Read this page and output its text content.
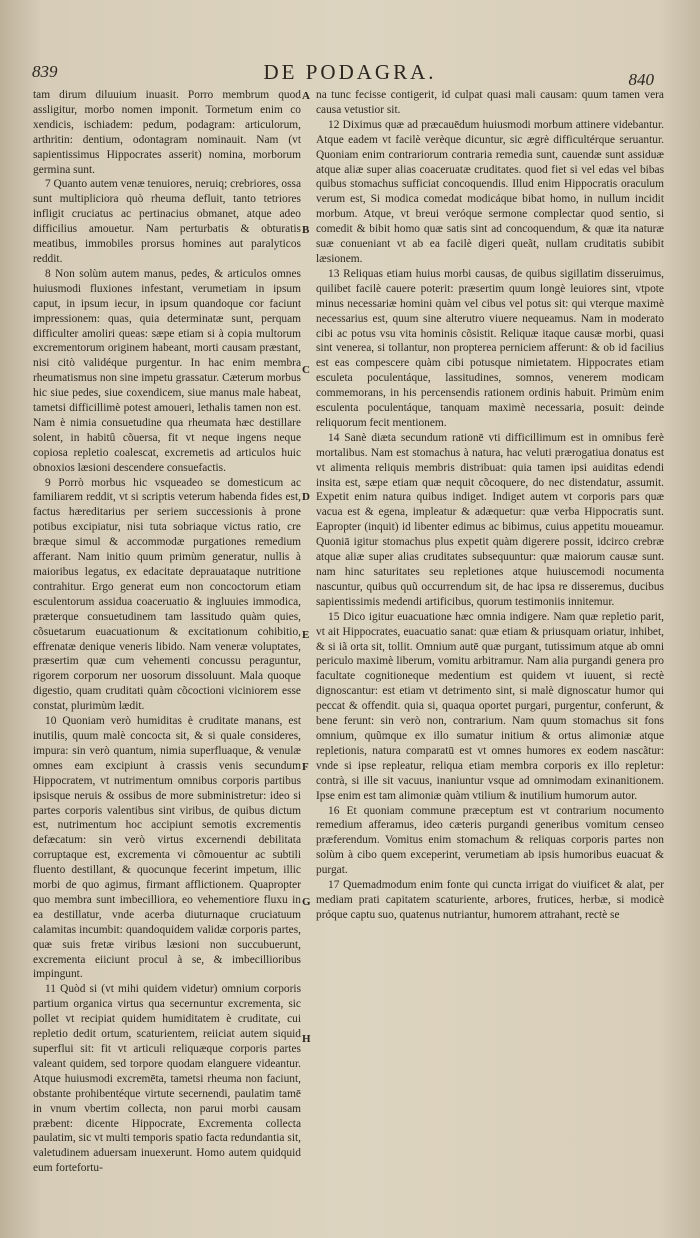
839	DE PODAGRA.	840

tam dirum diluuium inuasit. Porro membrum quod assligitur, morbo nomen imponit. Tormetum enim co xendicis, ischiadem: pedum, podagram: articulorum, arthritin: dentium, odontagram nominauit. Nam (vt sapientissimus Hippocrates asserit) nomina, morborum germina sunt.

7 Quanto autem venæ tenuiores, neruiq; crebriores, ossa sunt multipliciora quò rheuma defluit, tanto tetriores infligit cruciatus ac pertinacius obmanet, atque adeo difficilius amouetur. Nam perturbatis & obturatis meatibus, immobiles prorsus homines aut paralyticos reddit.

8 Non solùm autem manus, pedes, & articulos omnes huiusmodi fluxiones infestant, verumetiam in ipsum caput, in ipsum iecur, in ipsum quandoque cor faciunt impressionem: quas, quia determinatæ sunt, perquam difficulter amoliri queas: sæpe etiam si à copia multorum excrementorum originem habeant, morti causam præstant, nisi citò validéque purgentur. In hac enim membra rheumatismus non sine impetu grassatur. Cæterum morbus hic siue pedes, siue coxendicem, siue manus male habeat, tametsi difficillimè potest amoueri, lethalis tamen non est. Nam è nimia consuetudine qua rheumata hæc destillare solent, in habitû cõuersa, fit vt neque ingens neque copiosa repletio coalescat, excremetis ad articulos huic obnoxios læsioni descendere consuefactis.

9 Porrò morbus hic vsqueadeo se domesticum ac familiarem reddit, vt si scriptis veterum habenda fides est, factus hæreditarius per seriem successionis à prone potibus excipiatur, nisi tuta sobriaque victus ratio, cre bræque simul & accommodæ purgationes remedium afferant. Nam initio quum primùm generatur, nullis à maioribus legatus, ex edacitate deprauataque nutritione contrahitur. Ergo generat eum non concoctorum etiam esculentorum assidua coaceruatio & ingluuies immodica, præterque consuetudinem tam lassitudo quàm quies, cõsuetarum euacuationum & excitationum cohibitio, effrenatæ denique veneris libido. Nam veneræ voluptates, præsertim quæ cum vehementi concussu peraguntur, rigorem corporum ner uosorum dissoluunt. Mala quoque digestio, quam cruditati quàm cõcoctioni viciniorem esse constat, plurimùm lædit.

10 Quoniam verò humiditas è cruditate manans, est inutilis, quum malè concocta sit, & si quale consideres, impura: sin verò quantum, nimia superfluaque, & venulæ omnes eam excipiunt à crassis venis secundum Hippocratem, vt nutrimentum omnibus corporis partibus ipsisque neruis & ossibus de more subministretur: ideo si partes corporis valentibus sint viribus, de quibus dictum est, nutrimentum hoc accipiunt semotis excrementis defæcatum: sin verò virtus excernendi debilitata corruptaque est, excrementa vi cõmouentur ac subtili fluento destillant, & quocunque fecerint impetum, illic morbi de quo agimus, firmant afflictionem. Quapropter quo membra sunt imbecilliora, eo vehementiore fluxu in ea destillatur, vnde acerba diuturnaque cruciatuum calamitas incumbit: quandoquidem validæ corporis partes, quæ suis fretæ viribus læsioni non succubuerunt, excrementa eiiciunt procul à se, & imbecillioribus impingunt.

11 Quòd si (vt mihi quidem videtur) omnium corporis partium organica virtus qua secernuntur excrementa, sic pollet vt recipiat quidem humiditatem è cruditate, cui repletio dedit ortum, scaturientem, reiiciat autem siquid superflui sit: fit vt articuli reliquæque corporis partes valeant quidem, sed torpore quodam elanguere videantur. Atque huiusmodi excremēta, tametsi rheuma non faciunt, obstante prohibentéque virtute secernendi, paulatim tamē in vnum vbertim collecta, non parui morbi causam præbent: dicente Hippocrate, Excrementa collecta paulatim, sic vt multi temporis spatio facta redundantia sit, valetudinem aduersam inuexerunt. Homo autem quidquid eum fortefortu-

A
B
C
D
E
F
G
H

na tunc fecisse contigerit, id culpat quasi mali causam: quum tamen vera causa vetustior sit.

12 Diximus quæ ad præcauēdum huiusmodi morbum attinere videbantur. Atque eadem vt facilè verèque dicuntur, sic ægrè difficultérque seruantur. Quoniam enim contrariorum contraria remedia sunt, cauendæ sunt assiduæ atque aliæ super alias coaceruatæ cruditates. quod fiet si vel edas vel bibas quibus stomachus sufficiat concoquendis. Illud enim Hippocratis oraculum verum est, Si modica comedat modicáque bibat homo, in nullum incidit morbum. Atque, vt breui veróque sermone complectar quod sentio, si comedit & bibit homo quæ satis sint ad concoquendum, & quæ ita naturæ suæ conueniant vt ab ea facilè digeri queãt, nullam cruditatis subibit læsionem.

13 Reliquas etiam huius morbi causas, de quibus sigillatim disseruimus, quilibet facilè cauere poterit: præsertim quum longè leuiores sint, vtpote minus necessariæ homini quàm vel cibus vel potus sit: qui vterque maximè necessarius est, quum sine alterutro viuere nequeamus. Nam in moderato cibi ac potus vsu vita hominis cõsistit. Reliquæ itaque causæ morbi, quasi sint venerea, si tollantur, non propterea perniciem afferunt: & ob id facilius est eas compescere quàm cibi potusque nimietatem. Hippocrates etiam esculeta poculentáque, lassitudines, somnos, venerem modicam commemorans, in his percensendis rationem ordinis habuit. Primùm enim esculenta poculentáque, tanquam maximè necessaria, posuit: deinde reliquorum fecit mentionem.

14 Sanè diæta secundum rationē vti difficillimum est in omnibus ferè mortalibus. Nam est stomachus à natura, hac veluti prærogatiua donatus est vt alimenta reliquis membris distribuat: quia tamen ipsi auiditas edendi insita est, sæpe etiam quæ nequit cõcoquere, do nec distendatur, assumit. Expetit enim natura quibus indiget. Indiget autem vt corporis pars quæ vacua est & egena, impleatur & adæquetur: quæ verba Hippocratis sunt. Eapropter (inquit) id libenter edimus ac bibimus, cuius appetitu moueamur. Quoniā igitur stomachus plus expetit quàm digerere possit, idcirco crebræ atque aliæ super alias cruditates subsequuntur: quæ maiorum causæ sunt. nam hinc saturitates seu repletiones atque huiuscemodi nocumenta nascuntur, quibus quũ occurrendum sit, de hac ipsa re disseremus, ducibus sapientissimis medendi artificibus, quorum testimoniis innitemur.

15 Dico igitur euacuatione hæc omnia indigere. Nam quæ repletio parit, vt ait Hippocrates, euacuatio sanat: quæ etiam & priusquam oriatur, inhibet, & si iã orta sit, tollit. Omnium autē quæ purgant, tutissimum atque ab omni periculo maximè liberum, vomitu arbitramur. Nam alia purgandi genera pro facultate cognitioneque medentium est quidem vt iuuent, si rectè dignoscantur: est etiam vt detrimento sint, si malè dignoscatur humor qui peccat & offendit. quia si, quaqua oportet purgari, purgentur, conferunt, & bene ferunt: sin verò non, contrarium. Nam quum stomachus sit fons omnium, quũmque ex illo sumatur initium & ortus alimoniæ atque repletionis, natura comparatū est vt omnes humores ex eodem nascãtur: vnde si ipse repleatur, reliqua etiam membra corporis ex illo repletur: contrà, si ille sit vacuus, inaniuntur vsque ad omnimodam exinanitionem. Ipse enim est tam alimoniæ quàm vtilium & inutilium humorum autor.

16 Et quoniam commune præceptum est vt contrarium nocumento remedium afferamus, ideo cæteris purgandi generibus vomitum censeo præferendum. Vomitus enim stomachum & reliquas corporis partes non solùm à cibo quem exceperint, verumetiam ab ipsis humoribus euacuat & purgat.

17 Quemadmodum enim fonte qui cuncta irrigat do viuificet & alat, per mediam prati capitatem scaturiente, arbores, frutices, herbæ, si modicè próque captu suo, quatenus nutriantur, humorem attrahant, rectè se
